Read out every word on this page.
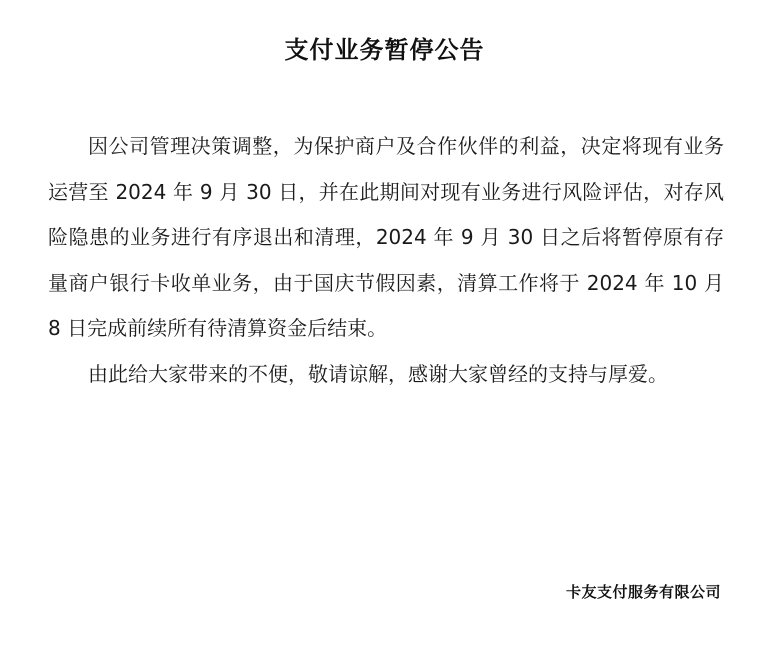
支付业务暂停公告

因公司管理决策调整，为保护商户及合作伙伴的利益，决定将现有业务运营至 2024 年 9 月 30 日，并在此期间对现有业务进行风险评估，对存风险隐患的业务进行有序退出和清理，2024 年 9 月 30 日之后将暂停原有存量商户银行卡收单业务，由于国庆节假因素，清算工作将于 2024 年 10 月 8 日完成前续所有待清算资金后结束。

由此给大家带来的不便，敬请谅解，感谢大家曾经的支持与厚爱。

卡友支付服务有限公司
